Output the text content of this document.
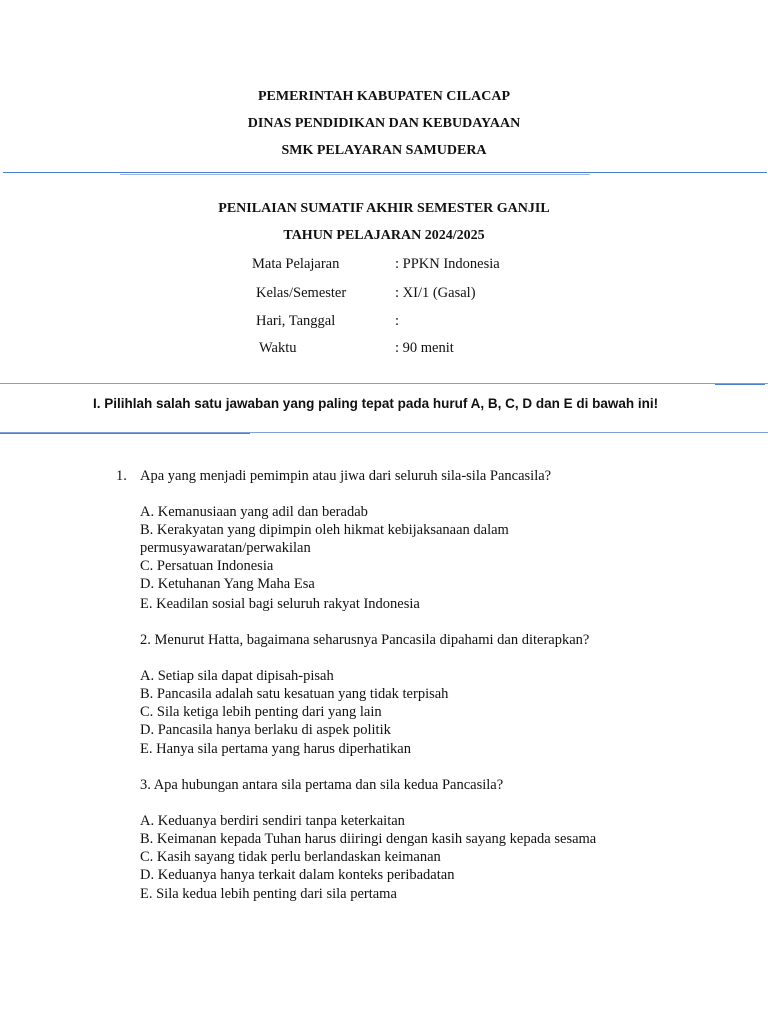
PEMERINTAH KABUPATEN CILACAP
DINAS PENDIDIKAN DAN KEBUDAYAAN
SMK PELAYARAN SAMUDERA
PENILAIAN SUMATIF AKHIR SEMESTER GANJIL
TAHUN PELAJARAN 2024/2025
Mata Pelajaran	: PPKN Indonesia
Kelas/Semester	: XI/1 (Gasal)
Hari, Tanggal	:
Waktu	: 90 menit
I. Pilihlah salah satu jawaban yang paling tepat pada huruf A, B, C, D dan E di bawah ini!
1. Apa yang menjadi pemimpin atau jiwa dari seluruh sila-sila Pancasila?
A. Kemanusiaan yang adil dan beradab
B. Kerakyatan yang dipimpin oleh hikmat kebijaksanaan dalam permusyawaratan/perwakilan
C. Persatuan Indonesia
D. Ketuhanan Yang Maha Esa
E. Keadilan sosial bagi seluruh rakyat Indonesia
2. Menurut Hatta, bagaimana seharusnya Pancasila dipahami dan diterapkan?
A. Setiap sila dapat dipisah-pisah
B. Pancasila adalah satu kesatuan yang tidak terpisah
C. Sila ketiga lebih penting dari yang lain
D. Pancasila hanya berlaku di aspek politik
E. Hanya sila pertama yang harus diperhatikan
3. Apa hubungan antara sila pertama dan sila kedua Pancasila?
A. Keduanya berdiri sendiri tanpa keterkaitan
B. Keimanan kepada Tuhan harus diiringi dengan kasih sayang kepada sesama
C. Kasih sayang tidak perlu berlandaskan keimanan
D. Keduanya hanya terkait dalam konteks peribadatan
E. Sila kedua lebih penting dari sila pertama
